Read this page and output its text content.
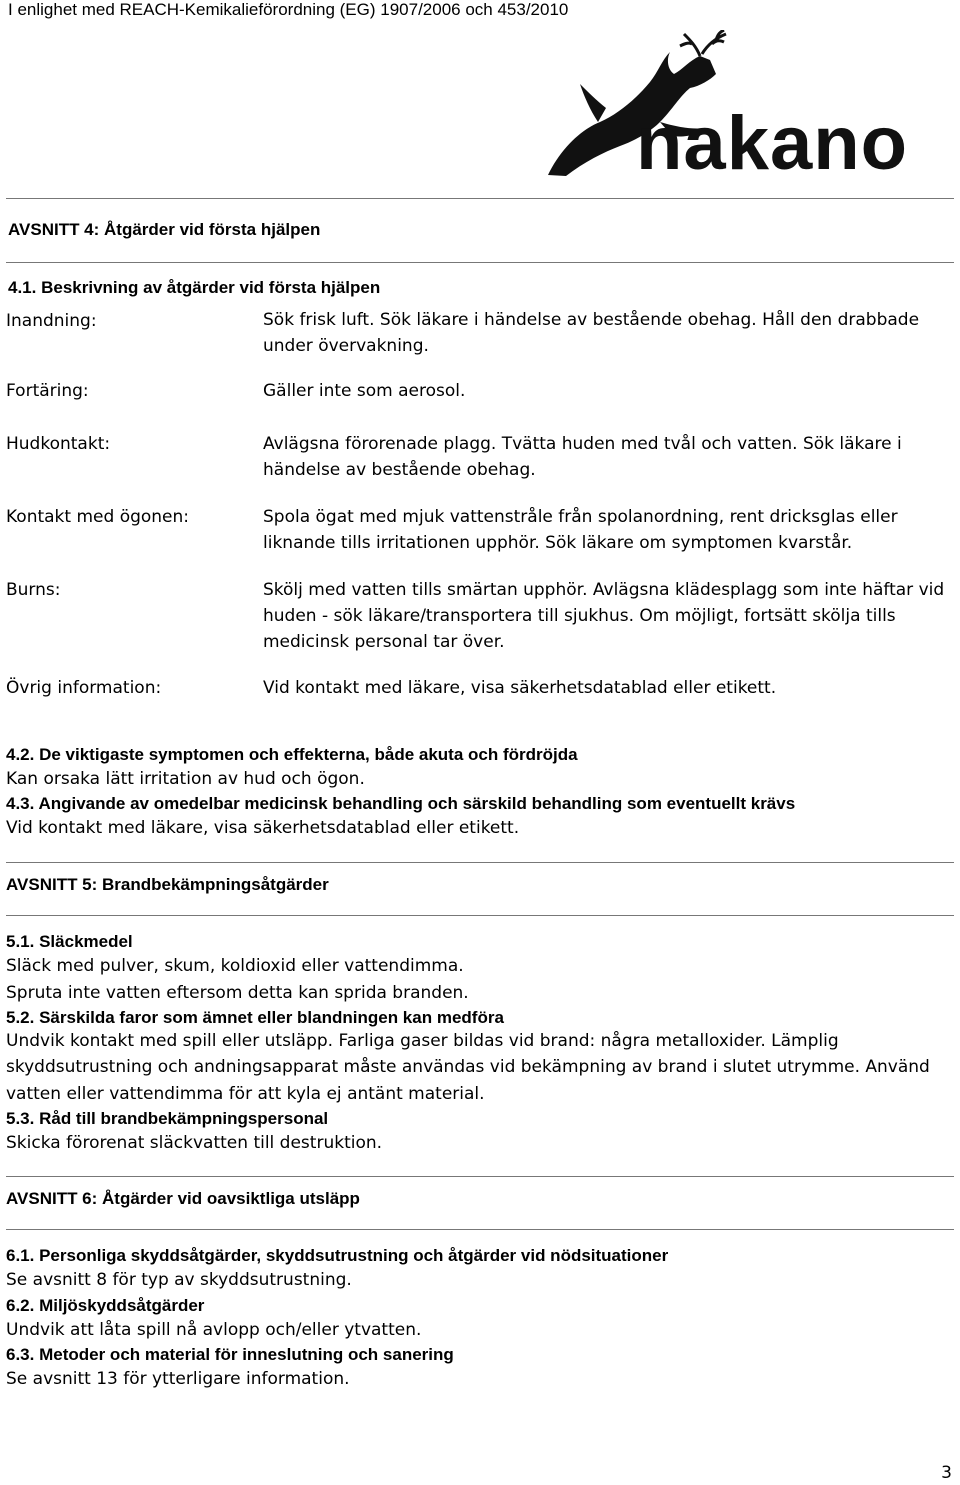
I enlighet med REACH-Kemikalieförordning (EG) 1907/2006 och 453/2010
nakano
AVSNITT 4: Åtgärder vid första hjälpen
4.1. Beskrivning av åtgärder vid första hjälpen
Inandning:	Sök frisk luft. Sök läkare i händelse av bestående obehag. Håll den drabbade under övervakning.
Fortäring:	Gäller inte som aerosol.
Hudkontakt:	Avlägsna förorenade plagg. Tvätta huden med tvål och vatten. Sök läkare i händelse av bestående obehag.
Kontakt med ögonen:	Spola ögat med mjuk vattenstråle från spolanordning, rent dricksglas eller liknande tills irritationen upphör. Sök läkare om symptomen kvarstår.
Burns:	Skölj med vatten tills smärtan upphör. Avlägsna klädesplagg som inte häftar vid huden - sök läkare/transportera till sjukhus. Om möjligt, fortsätt skölja tills medicinsk personal tar över.
Övrig information:	Vid kontakt med läkare, visa säkerhetsdatablad eller etikett.
4.2. De viktigaste symptomen och effekterna, både akuta och fördröjda
Kan orsaka lätt irritation av hud och ögon.
4.3. Angivande av omedelbar medicinsk behandling och särskild behandling som eventuellt krävs
Vid kontakt med läkare, visa säkerhetsdatablad eller etikett.
AVSNITT 5: Brandbekämpningsåtgärder
5.1. Släckmedel
Släck med pulver, skum, koldioxid eller vattendimma.
Spruta inte vatten eftersom detta kan sprida branden.
5.2. Särskilda faror som ämnet eller blandningen kan medföra
Undvik kontakt med spill eller utsläpp. Farliga gaser bildas vid brand: några metalloxider. Lämplig
skyddsutrustning och andningsapparat måste användas vid bekämpning av brand i slutet utrymme. Använd
vatten eller vattendimma för att kyla ej antänt material.
5.3. Råd till brandbekämpningspersonal
Skicka förorenat släckvatten till destruktion.
AVSNITT 6: Åtgärder vid oavsiktliga utsläpp
6.1. Personliga skyddsåtgärder, skyddsutrustning och åtgärder vid nödsituationer
Se avsnitt 8 för typ av skyddsutrustning.
6.2. Miljöskyddsåtgärder
Undvik att låta spill nå avlopp och/eller ytvatten.
6.3. Metoder och material för inneslutning och sanering
Se avsnitt 13 för ytterligare information.
3
